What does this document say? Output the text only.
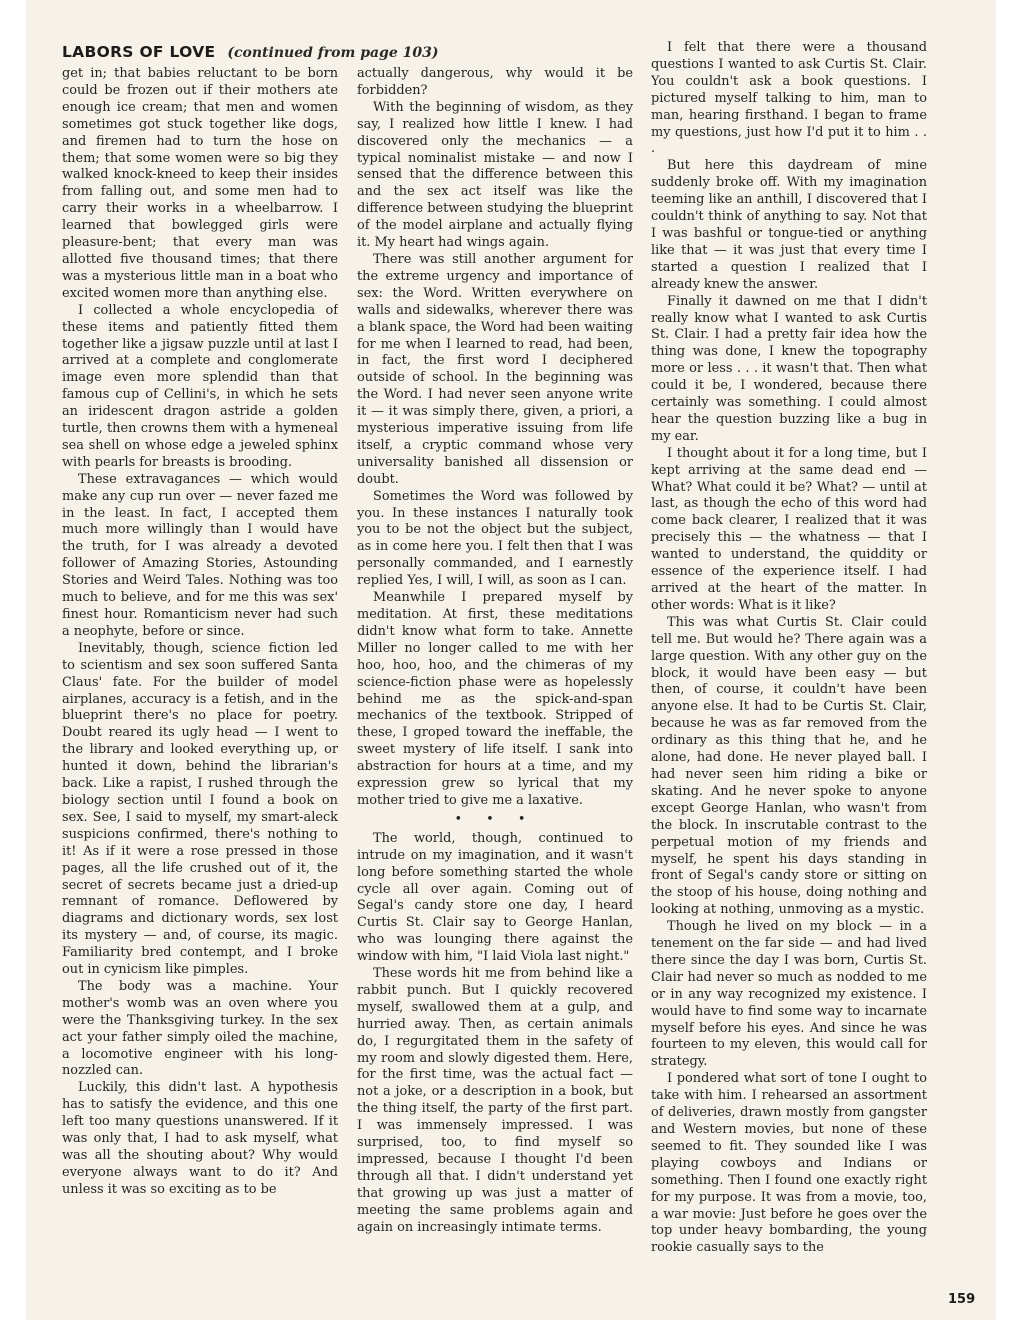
LABORS OF LOVE (continued from page 103)

get in; that babies reluctant to be born could be frozen out if their mothers ate enough ice cream; that men and women sometimes got stuck together like dogs, and firemen had to turn the hose on them; that some women were so big they walked knock-kneed to keep their insides from falling out, and some men had to carry their works in a wheelbarrow. I learned that bowlegged girls were pleasure-bent; that every man was allotted five thousand times; that there was a mysterious little man in a boat who excited women more than anything else.

I collected a whole encyclopedia of these items and patiently fitted them together like a jigsaw puzzle until at last I arrived at a complete and conglomerate image even more splendid than that famous cup of Cellini's, in which he sets an iridescent dragon astride a golden turtle, then crowns them with a hymeneal sea shell on whose edge a jeweled sphinx with pearls for breasts is brooding.

These extravagances — which would make any cup run over — never fazed me in the least. In fact, I accepted them much more willingly than I would have the truth, for I was already a devoted follower of Amazing Stories, Astounding Stories and Weird Tales. Nothing was too much to believe, and for me this was sex' finest hour. Romanticism never had such a neophyte, before or since.

Inevitably, though, science fiction led to scientism and sex soon suffered Santa Claus' fate. For the builder of model airplanes, accuracy is a fetish, and in the blueprint there's no place for poetry. Doubt reared its ugly head — I went to the library and looked everything up, or hunted it down, behind the librarian's back. Like a rapist, I rushed through the biology section until I found a book on sex. See, I said to myself, my smart-aleck suspicions confirmed, there's nothing to it! As if it were a rose pressed in those pages, all the life crushed out of it, the secret of secrets became just a dried-up remnant of romance. Deflowered by diagrams and dictionary words, sex lost its mystery — and, of course, its magic. Familiarity bred contempt, and I broke out in cynicism like pimples.

The body was a machine. Your mother's womb was an oven where you were the Thanksgiving turkey. In the sex act your father simply oiled the machine, a locomotive engineer with his long-nozzled can.

Luckily, this didn't last. A hypothesis has to satisfy the evidence, and this one left too many questions unanswered. If it was only that, I had to ask myself, what was all the shouting about? Why would everyone always want to do it? And unless it was so exciting as to be

actually dangerous, why would it be forbidden?

With the beginning of wisdom, as they say, I realized how little I knew. I had discovered only the mechanics — a typical nominalist mistake — and now I sensed that the difference between this and the sex act itself was like the difference between studying the blueprint of the model airplane and actually flying it. My heart had wings again.

There was still another argument for the extreme urgency and importance of sex: the Word. Written everywhere on walls and sidewalks, wherever there was a blank space, the Word had been waiting for me when I learned to read, had been, in fact, the first word I deciphered outside of school. In the beginning was the Word. I had never seen anyone write it — it was simply there, given, a priori, a mysterious imperative issuing from life itself, a cryptic command whose very universality banished all dissension or doubt.

Sometimes the Word was followed by you. In these instances I naturally took you to be not the object but the subject, as in come here you. I felt then that I was personally commanded, and I earnestly replied Yes, I will, I will, as soon as I can.

Meanwhile I prepared myself by meditation. At first, these meditations didn't know what form to take. Annette Miller no longer called to me with her hoo, hoo, hoo, and the chimeras of my science-fiction phase were as hopelessly behind me as the spick-and-span mechanics of the textbook. Stripped of these, I groped toward the ineffable, the sweet mystery of life itself. I sank into abstraction for hours at a time, and my expression grew so lyrical that my mother tried to give me a laxative.

• • •

The world, though, continued to intrude on my imagination, and it wasn't long before something started the whole cycle all over again. Coming out of Segal's candy store one day, I heard Curtis St. Clair say to George Hanlan, who was lounging there against the window with him, "I laid Viola last night."

These words hit me from behind like a rabbit punch. But I quickly recovered myself, swallowed them at a gulp, and hurried away. Then, as certain animals do, I regurgitated them in the safety of my room and slowly digested them. Here, for the first time, was the actual fact — not a joke, or a description in a book, but the thing itself, the party of the first part. I was immensely impressed. I was surprised, too, to find myself so impressed, because I thought I'd been through all that. I didn't understand yet that growing up was just a matter of meeting the same problems again and again on increasingly intimate terms.

I felt that there were a thousand questions I wanted to ask Curtis St. Clair. You couldn't ask a book questions. I pictured myself talking to him, man to man, hearing firsthand. I began to frame my questions, just how I'd put it to him . . .

But here this daydream of mine suddenly broke off. With my imagination teeming like an anthill, I discovered that I couldn't think of anything to say. Not that I was bashful or tongue-tied or anything like that — it was just that every time I started a question I realized that I already knew the answer.

Finally it dawned on me that I didn't really know what I wanted to ask Curtis St. Clair. I had a pretty fair idea how the thing was done, I knew the topography more or less . . . it wasn't that. Then what could it be, I wondered, because there certainly was something. I could almost hear the question buzzing like a bug in my ear.

I thought about it for a long time, but I kept arriving at the same dead end — What? What could it be? What? — until at last, as though the echo of this word had come back clearer, I realized that it was precisely this — the whatness — that I wanted to understand, the quiddity or essence of the experience itself. I had arrived at the heart of the matter. In other words: What is it like?

This was what Curtis St. Clair could tell me. But would he? There again was a large question. With any other guy on the block, it would have been easy — but then, of course, it couldn't have been anyone else. It had to be Curtis St. Clair, because he was as far removed from the ordinary as this thing that he, and he alone, had done. He never played ball. I had never seen him riding a bike or skating. And he never spoke to anyone except George Hanlan, who wasn't from the block. In inscrutable contrast to the perpetual motion of my friends and myself, he spent his days standing in front of Segal's candy store or sitting on the stoop of his house, doing nothing and looking at nothing, unmoving as a mystic.

Though he lived on my block — in a tenement on the far side — and had lived there since the day I was born, Curtis St. Clair had never so much as nodded to me or in any way recognized my existence. I would have to find some way to incarnate myself before his eyes. And since he was fourteen to my eleven, this would call for strategy.

I pondered what sort of tone I ought to take with him. I rehearsed an assortment of deliveries, drawn mostly from gangster and Western movies, but none of these seemed to fit. They sounded like I was playing cowboys and Indians or something. Then I found one exactly right for my purpose. It was from a movie, too, a war movie: Just before he goes over the top under heavy bombarding, the young rookie casually says to the

159
